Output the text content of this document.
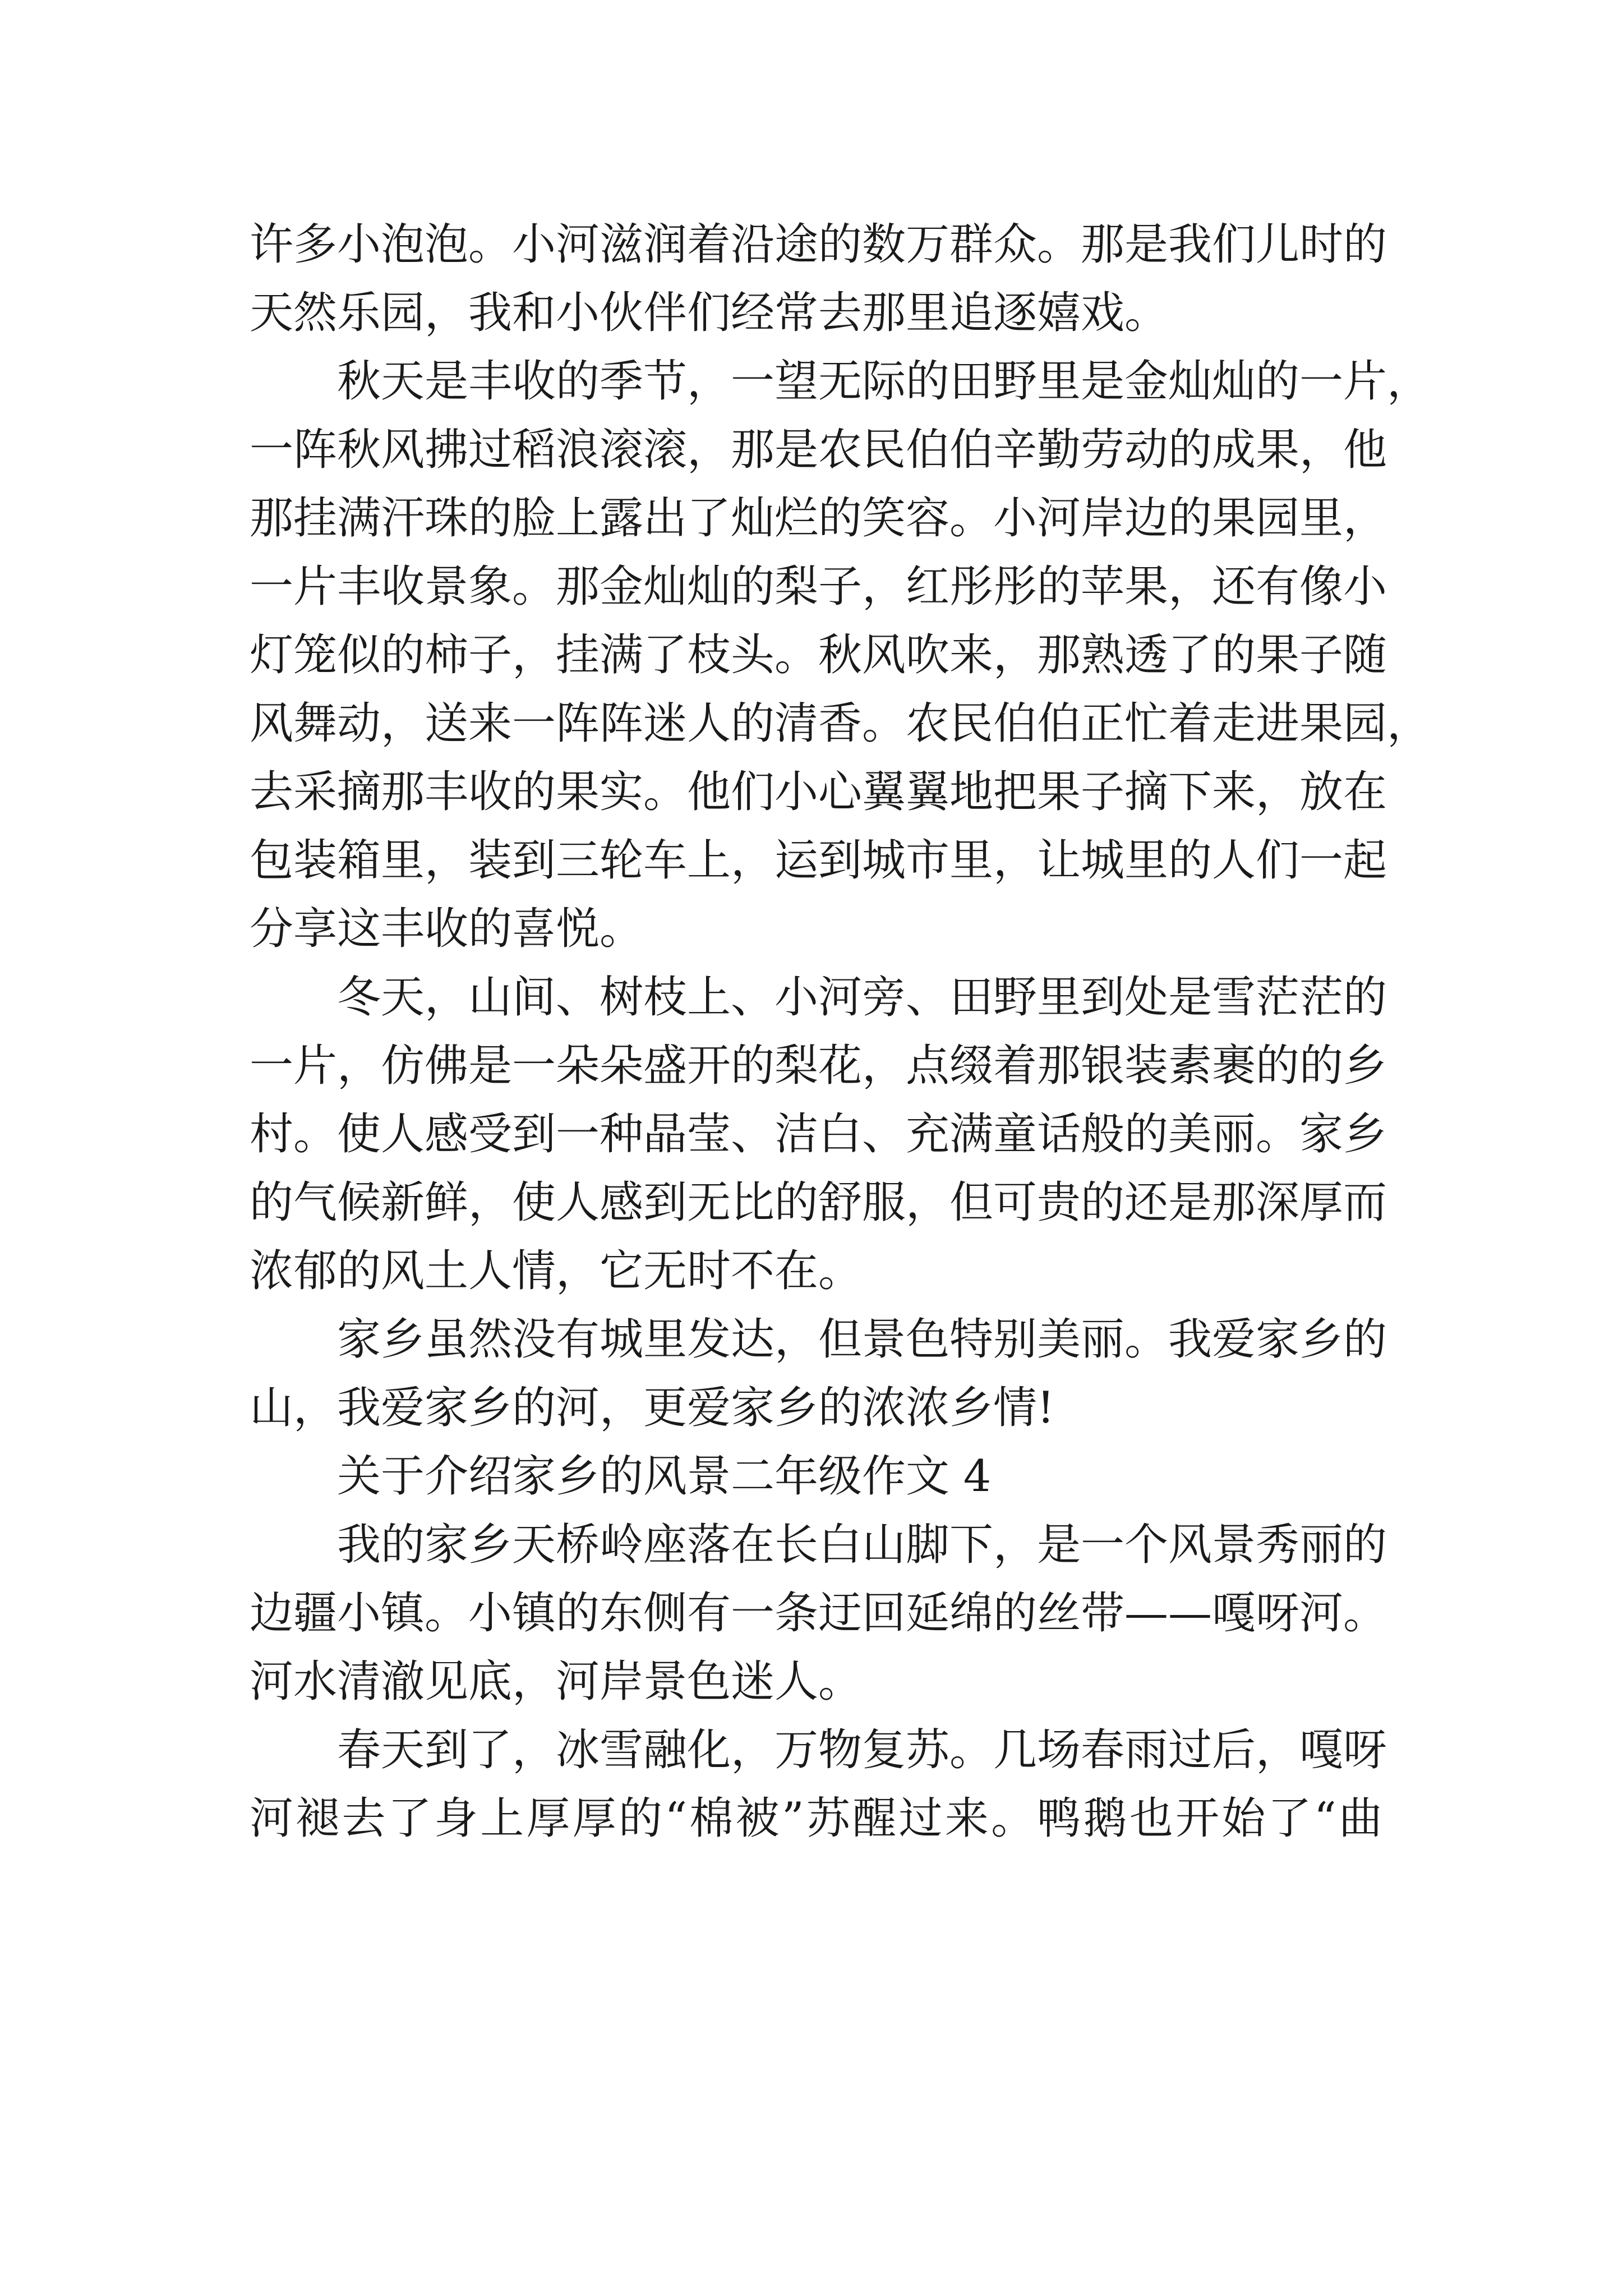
许多小泡泡。小河滋润着沿途的数万群众。那是我们儿时的
天然乐园，我和小伙伴们经常去那里追逐嬉戏。
秋天是丰收的季节，一望无际的田野里是金灿灿的一片，
一阵秋风拂过稻浪滚滚，那是农民伯伯辛勤劳动的成果，他
那挂满汗珠的脸上露出了灿烂的笑容。小河岸边的果园里，
一片丰收景象。那金灿灿的梨子，红彤彤的苹果，还有像小
灯笼似的柿子，挂满了枝头。秋风吹来，那熟透了的果子随
风舞动，送来一阵阵迷人的清香。农民伯伯正忙着走进果园，
去采摘那丰收的果实。他们小心翼翼地把果子摘下来，放在
包装箱里，装到三轮车上，运到城市里，让城里的人们一起
分享这丰收的喜悦。
冬天，山间、树枝上、小河旁、田野里到处是雪茫茫的
一片，仿佛是一朵朵盛开的梨花，点缀着那银装素裹的的乡
村。使人感受到一种晶莹、洁白、充满童话般的美丽。家乡
的气候新鲜，使人感到无比的舒服，但可贵的还是那深厚而
浓郁的风土人情，它无时不在。
家乡虽然没有城里发达，但景色特别美丽。我爱家乡的
山，我爱家乡的河，更爱家乡的浓浓乡情!
关于介绍家乡的风景二年级作文 4
我的家乡天桥岭座落在长白山脚下，是一个风景秀丽的
边疆小镇。小镇的东侧有一条迂回延绵的丝带——嘎呀河。
河水清澈见底，河岸景色迷人。
春天到了，冰雪融化，万物复苏。几场春雨过后，嘎呀
河褪去了身上厚厚的“棉被”苏醒过来。鸭鹅也开始了“曲
